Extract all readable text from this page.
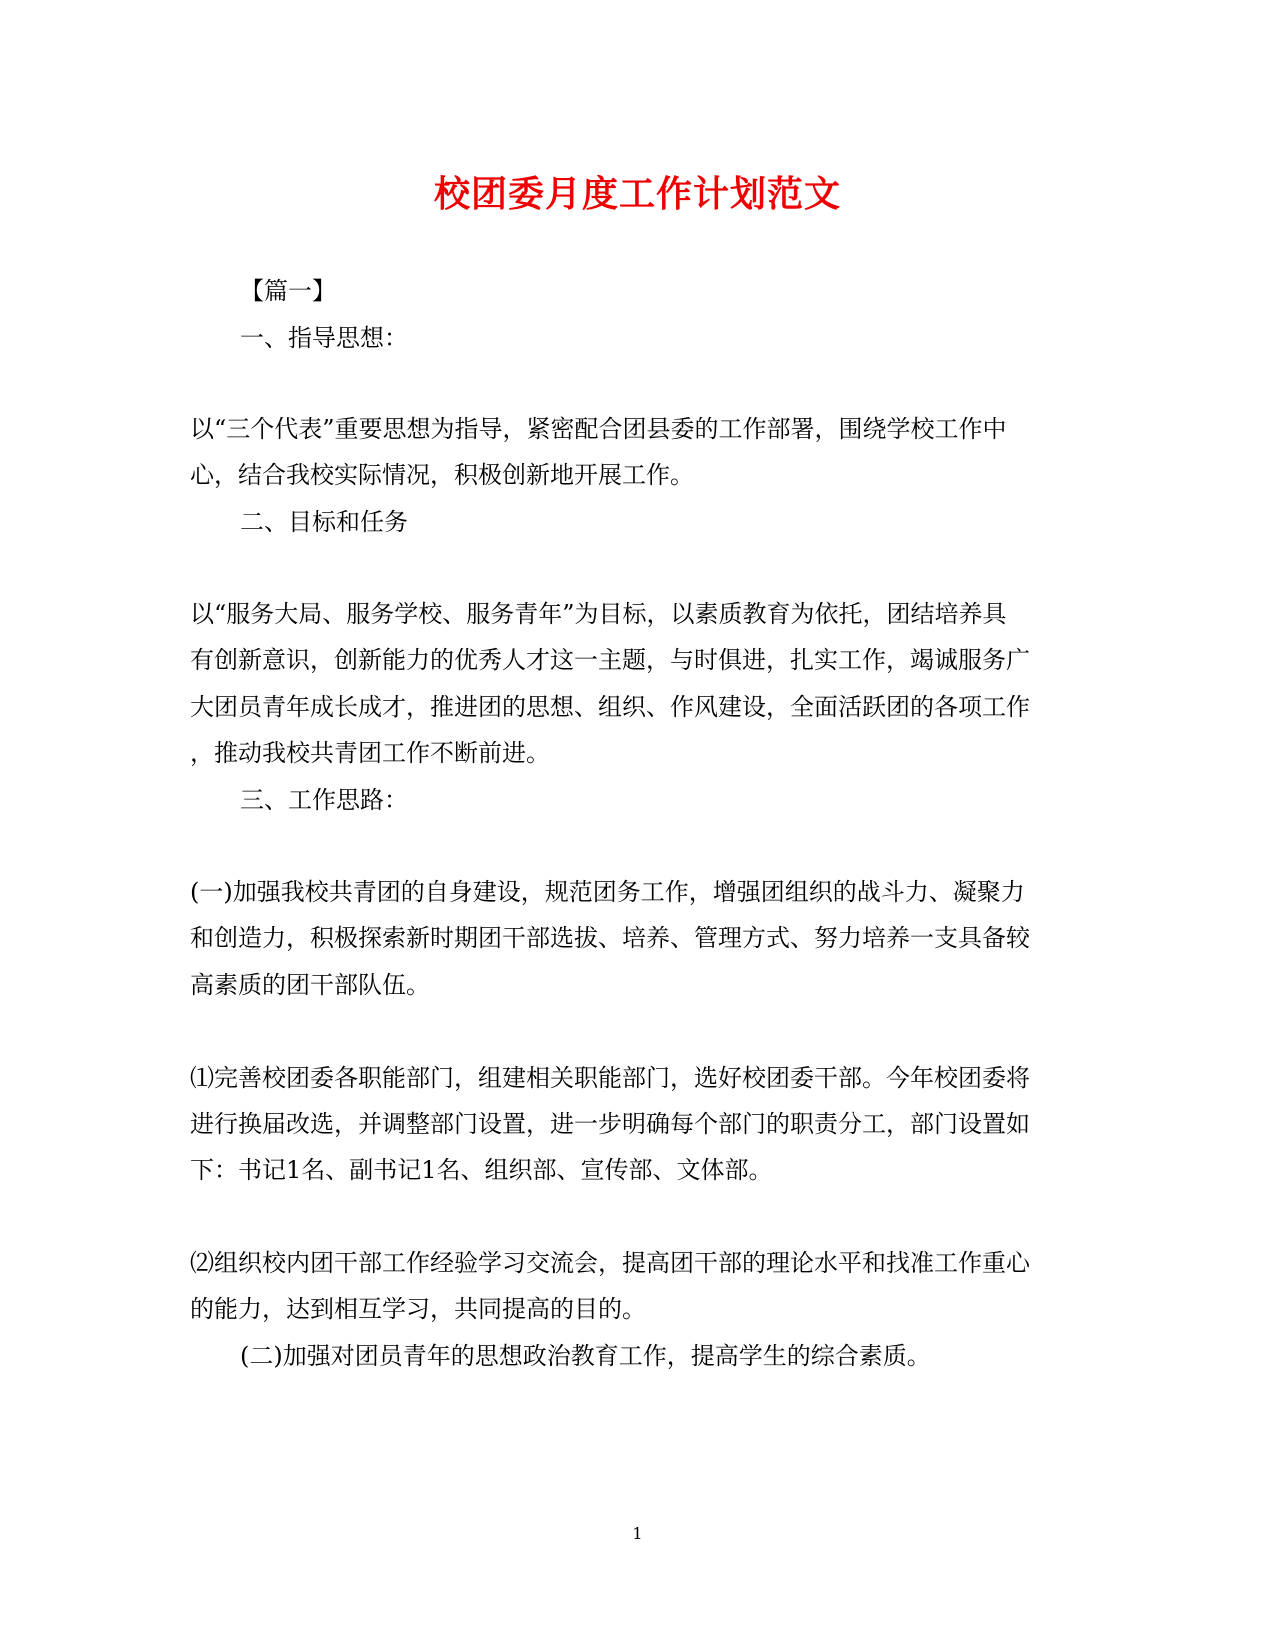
校团委月度工作计划范文

【篇一】

一、指导思想：

以“三个代表”重要思想为指导，紧密配合团县委的工作部署，围绕学校工作中

心，结合我校实际情况，积极创新地开展工作。

二、目标和任务

以“服务大局、服务学校、服务青年”为目标，以素质教育为依托，团结培养具

有创新意识，创新能力的优秀人才这一主题，与时俱进，扎实工作，竭诚服务广

大团员青年成长成才，推进团的思想、组织、作风建设，全面活跃团的各项工作

，推动我校共青团工作不断前进。

三、工作思路：

(一)加强我校共青团的自身建设，规范团务工作，增强团组织的战斗力、凝聚力

和创造力，积极探索新时期团干部选拔、培养、管理方式、努力培养一支具备较

高素质的团干部队伍。

⑴完善校团委各职能部门，组建相关职能部门，选好校团委干部。今年校团委将

进行换届改选，并调整部门设置，进一步明确每个部门的职责分工，部门设置如

下：书记1名、副书记1名、组织部、宣传部、文体部。

⑵组织校内团干部工作经验学习交流会，提高团干部的理论水平和找准工作重心

的能力，达到相互学习，共同提高的目的。

(二)加强对团员青年的思想政治教育工作，提高学生的综合素质。

1
